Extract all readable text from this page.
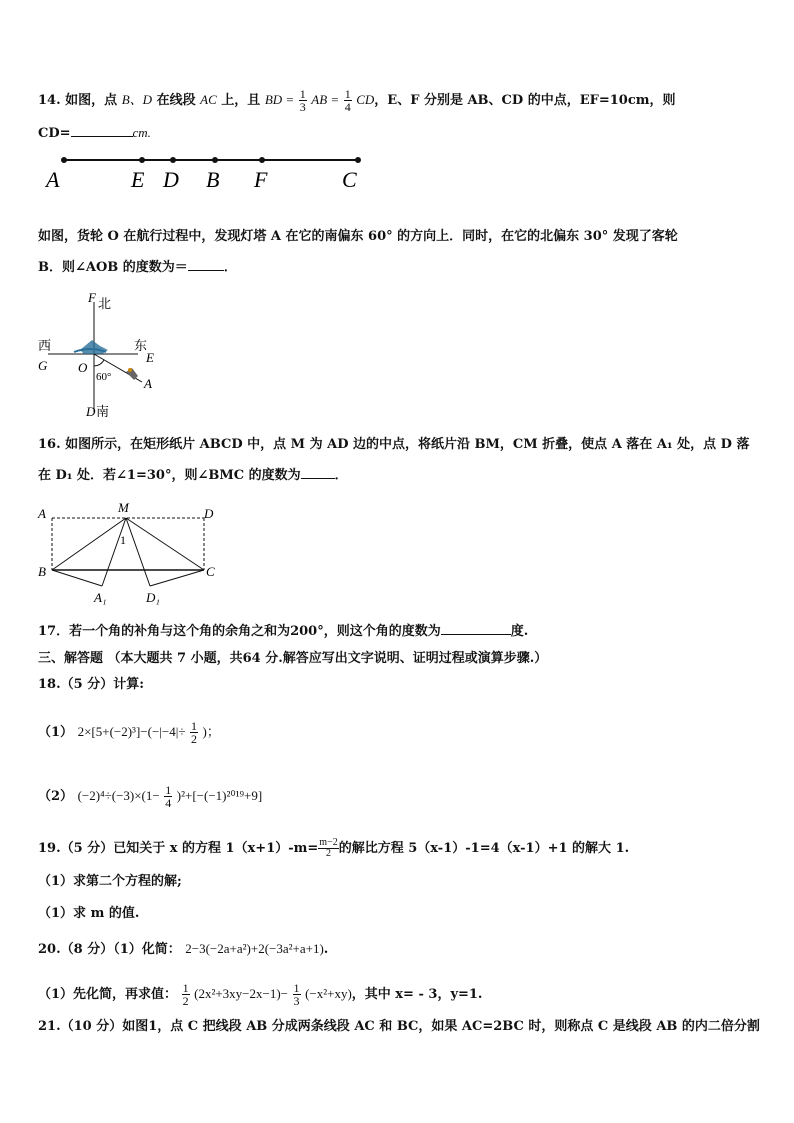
14. 如图，点 B、D 在线段 AC 上，且 BD = $\frac{1}{3}$ AB = $\frac{1}{4}$ CD，E、F 分别是 AB、CD 的中点，EF=10cm，则
CD=	cm.
A	E D B F	C
如图，货轮 O 在航行过程中，发现灯塔 A 在它的南偏东 60° 的方向上．同时，在它的北偏东 30° 发现了客轮
B．则∠AOB 的度数为＝	．
F 北
西	东
E
G O
60°	A
D 南
16. 如图所示，在矩形纸片 ABCD 中，点 M 为 AD 边的中点，将纸片沿 BM，CM 折叠，使点 A 落在 A₁ 处，点 D 落
在 D₁ 处．若∠1=30°，则∠BMC 的度数为	．
A	M	D
1
B	C
A₁	D₁
17．若一个角的补角与这个角的余角之和为200°，则这个角的度数为	度.
三、解答题 （本大题共 7 小题，共64 分.解答应写出文字说明、证明过程或演算步骤.）
18.（5 分）计算:
（1） $2\times[5+(-2)^3]-(-|-4|\div \frac{1}{2}$ )；
（2） $(-2)^4\div(-3)\times(1- \frac{1}{4} )^2+[-(-1)^{2019}+9]$
19.（5 分）已知关于 x 的方程 $1(x+1)-m= \frac{m-2}{2}$ 的解比方程 5（x-1）-1=4（x-1）+1 的解大 1.
（1）求第二个方程的解;
（1）求 m 的值.
20.（8 分）（1）化简： 2−3(−2a+a²)+2(−3a²+a+1).
（1）先化简，再求值： $\frac{1}{2} (2x^2+3xy-2x-1)- \frac{1}{3} (-x^2+xy)$，其中 x= - 3，y=1.
21.（10 分）如图1，点 C 把线段 AB 分成两条线段 AC 和 BC，如果 AC=2BC 时，则称点 C 是线段 AB 的内二倍分割
